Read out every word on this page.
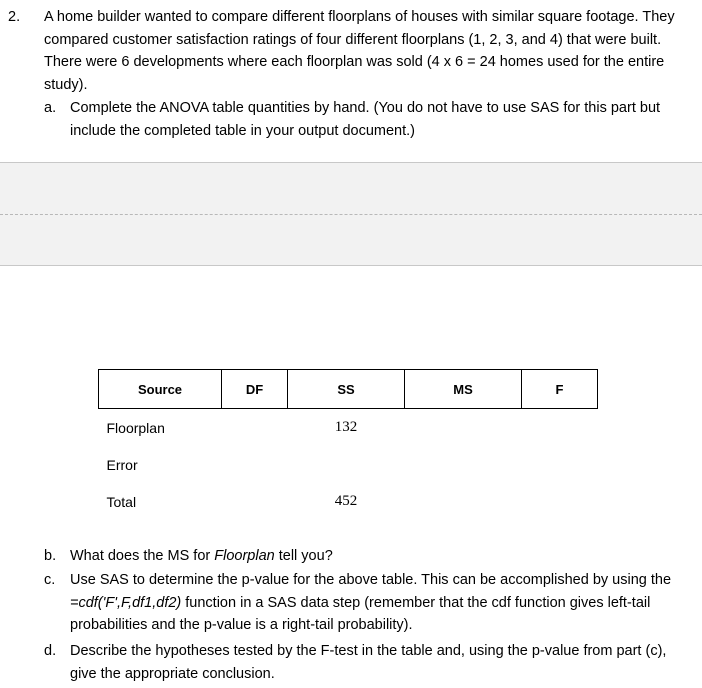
2. A home builder wanted to compare different floorplans of houses with similar square footage. They compared customer satisfaction ratings of four different floorplans (1, 2, 3, and 4) that were built. There were 6 developments where each floorplan was sold (4 x 6 = 24 homes used for the entire study).
a. Complete the ANOVA table quantities by hand. (You do not have to use SAS for this part but include the completed table in your output document.)
Source	DF	SS	MS	F
Floorplan		132		
Error				
Total		452		
b. What does the MS for Floorplan tell you?
c. Use SAS to determine the p-value for the above table. This can be accomplished by using the =cdf('F',F,df1,df2) function in a SAS data step (remember that the cdf function gives left-tail probabilities and the p-value is a right-tail probability).
d. Describe the hypotheses tested by the F-test in the table and, using the p-value from part (c), give the appropriate conclusion.
